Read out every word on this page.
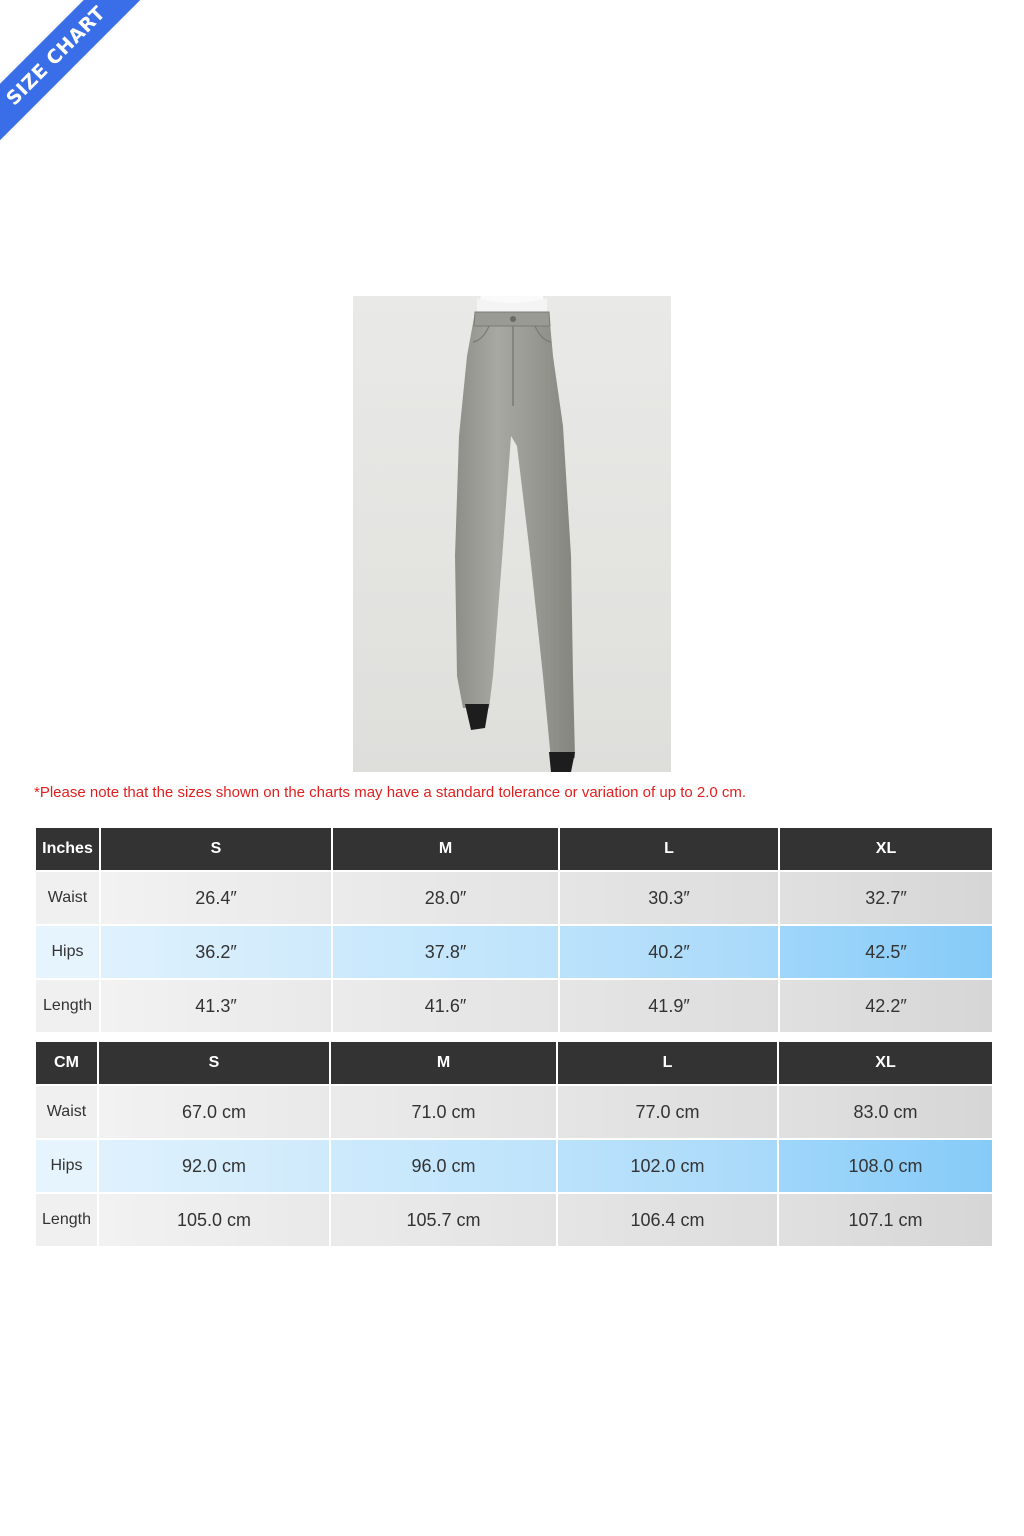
SIZE CHART
*Please note that the sizes shown on the charts may have a standard tolerance or variation of up to 2.0 cm.
Inches	S	M	L	XL
Waist	26.4″	28.0″	30.3″	32.7″
Hips	36.2″	37.8″	40.2″	42.5″
Length	41.3″	41.6″	41.9″	42.2″
CM	S	M	L	XL
Waist	67.0 cm	71.0 cm	77.0 cm	83.0 cm
Hips	92.0 cm	96.0 cm	102.0 cm	108.0 cm
Length	105.0 cm	105.7 cm	106.4 cm	107.1 cm
